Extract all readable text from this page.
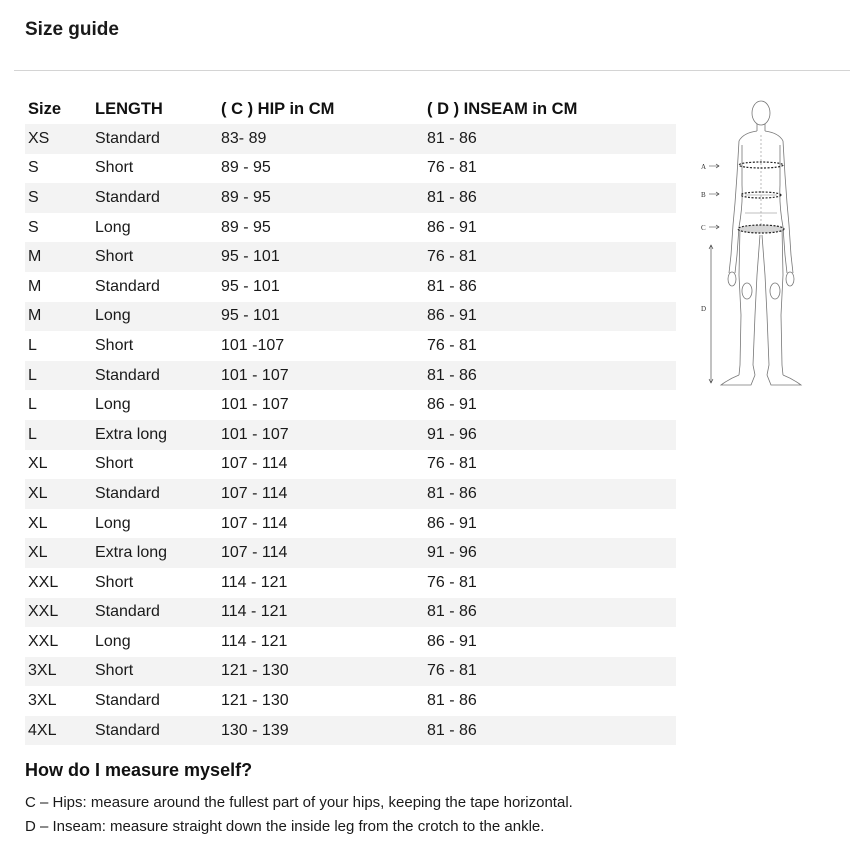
Size guide
Size	LENGTH	( C ) HIP in CM	( D ) INSEAM in CM
XS	Standard	83- 89	81 - 86
S	Short	89 - 95	76 - 81
S	Standard	89 - 95	81 - 86
S	Long	89 - 95	86 - 91
M	Short	95 - 101	76 - 81
M	Standard	95 - 101	81 - 86
M	Long	95 - 101	86 - 91
L	Short	101 -107	76 - 81
L	Standard	101 - 107	81 - 86
L	Long	101 - 107	86 - 91
L	Extra long	101 - 107	91 - 96
XL	Short	107 - 114	76 - 81
XL	Standard	107 - 114	81 - 86
XL	Long	107 - 114	86 - 91
XL	Extra long	107 - 114	91 - 96
XXL	Short	114 - 121	76 - 81
XXL	Standard	114 - 121	81 - 86
XXL	Long	114 - 121	86 - 91
3XL	Short	121 - 130	76 - 81
3XL	Standard	121 - 130	81 - 86
4XL	Standard	130 - 139	81 - 86
A
B
C
D
How do I measure myself?
C – Hips: measure around the fullest part of your hips, keeping the tape horizontal.
D – Inseam: measure straight down the inside leg from the crotch to the ankle.
